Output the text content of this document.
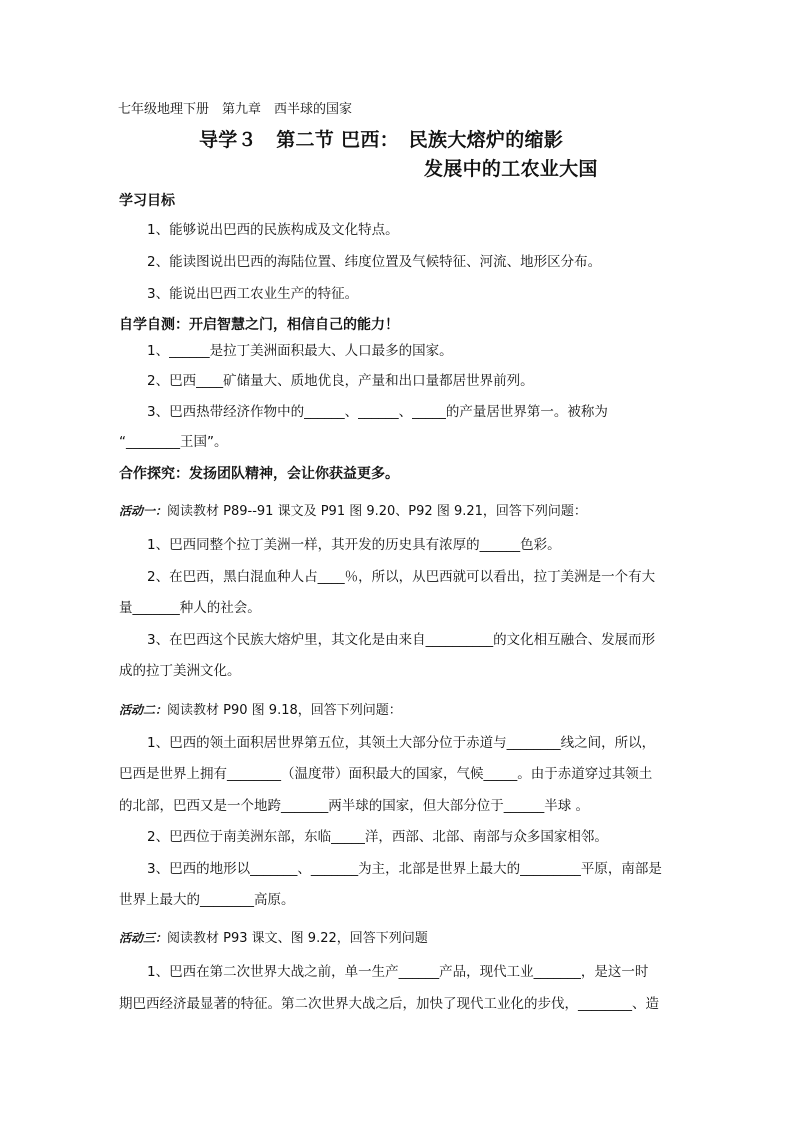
七年级地理下册　第九章　西半球的国家
导学３　第二节 巴西：　民族大熔炉的缩影
发展中的工农业大国
学习目标
1、能够说出巴西的民族构成及文化特点。
2、能读图说出巴西的海陆位置、纬度位置及气候特征、河流、地形区分布。
3、能说出巴西工农业生产的特征。
自学自测：开启智慧之门，相信自己的能力！
1、______是拉丁美洲面积最大、人口最多的国家。
2、巴西____矿储量大、质地优良，产量和出口量都居世界前列。
3、巴西热带经济作物中的______、______、_____的产量居世界第一。被称为
“________王国”。
合作探究：发扬团队精神，会让你获益更多。
活动一：阅读教材 P89--91 课文及 P91 图 9.20、P92 图 9.21，回答下列问题：
1、巴西同整个拉丁美洲一样，其开发的历史具有浓厚的______色彩。
2、在巴西，黑白混血种人占____％，所以，从巴西就可以看出，拉丁美洲是一个有大
量_______种人的社会。
3、在巴西这个民族大熔炉里，其文化是由来自__________的文化相互融合、发展而形
成的拉丁美洲文化。
活动二：阅读教材 P90 图 9.18，回答下列问题：
1、巴西的领土面积居世界第五位，其领土大部分位于赤道与________线之间，所以，
巴西是世界上拥有________（温度带）面积最大的国家，气候_____。由于赤道穿过其领土
的北部，巴西又是一个地跨_______两半球的国家，但大部分位于______半球 。
2、巴西位于南美洲东部，东临_____洋，西部、北部、南部与众多国家相邻。
3、巴西的地形以_______、_______为主，北部是世界上最大的_________平原，南部是
世界上最大的________高原。
活动三：阅读教材 P93 课文、图 9.22，回答下列问题
1、巴西在第二次世界大战之前，单一生产______产品，现代工业_______，是这一时
期巴西经济最显著的特征。第二次世界大战之后，加快了现代工业化的步伐，________、造
